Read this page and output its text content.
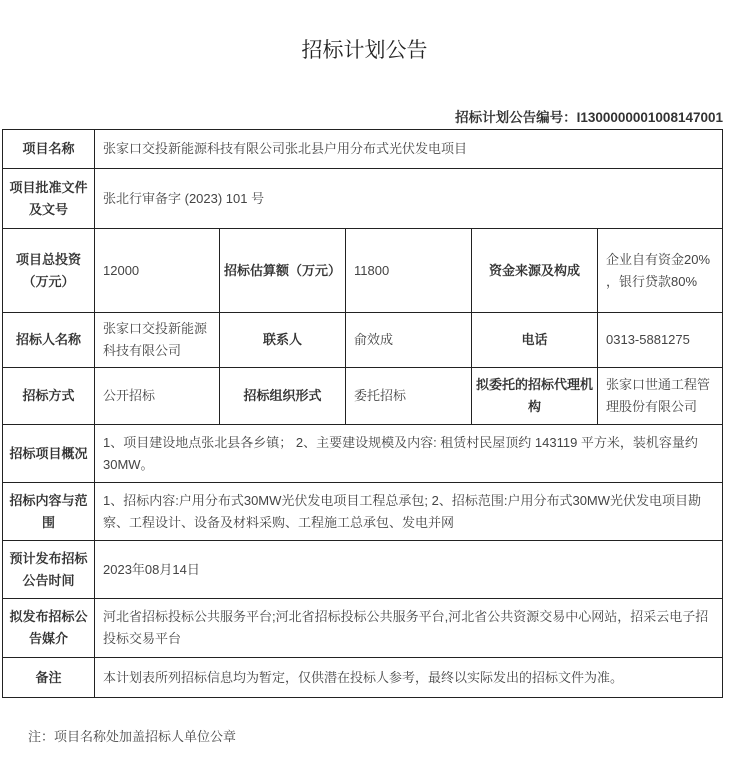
招标计划公告
招标计划公告编号：I1300000001008147001
项目名称	张家口交投新能源科技有限公司张北县户用分布式光伏发电项目				
项目批准文件及文号	张北行审备字 (2023) 101 号				
项目总投资（万元）	12000	招标估算额（万元）	11800	资金来源及构成	企业自有资金20% ，银行贷款80%
招标人名称	张家口交投新能源科技有限公司	联系人	俞效成	电话	0313-5881275
招标方式	公开招标	招标组织形式	委托招标	拟委托的招标代理机构	张家口世通工程管理股份有限公司
招标项目概况	1、项目建设地点张北县各乡镇； 2、主要建设规模及内容: 租赁村民屋顶约 143119 平方米，装机容量约30MW。				
招标内容与范围	1、招标内容:户用分布式30MW光伏发电项目工程总承包; 2、招标范围:户用分布式30MW光伏发电项目勘察、工程设计、设备及材料采购、工程施工总承包、发电并网				
预计发布招标公告时间	2023年08月14日				
拟发布招标公告媒介	河北省招标投标公共服务平台;河北省招标投标公共服务平台,河北省公共资源交易中心网站，招采云电子招投标交易平台				
备注	本计划表所列招标信息均为暂定，仅供潜在投标人参考，最终以实际发出的招标文件为准。				
注：项目名称处加盖招标人单位公章
